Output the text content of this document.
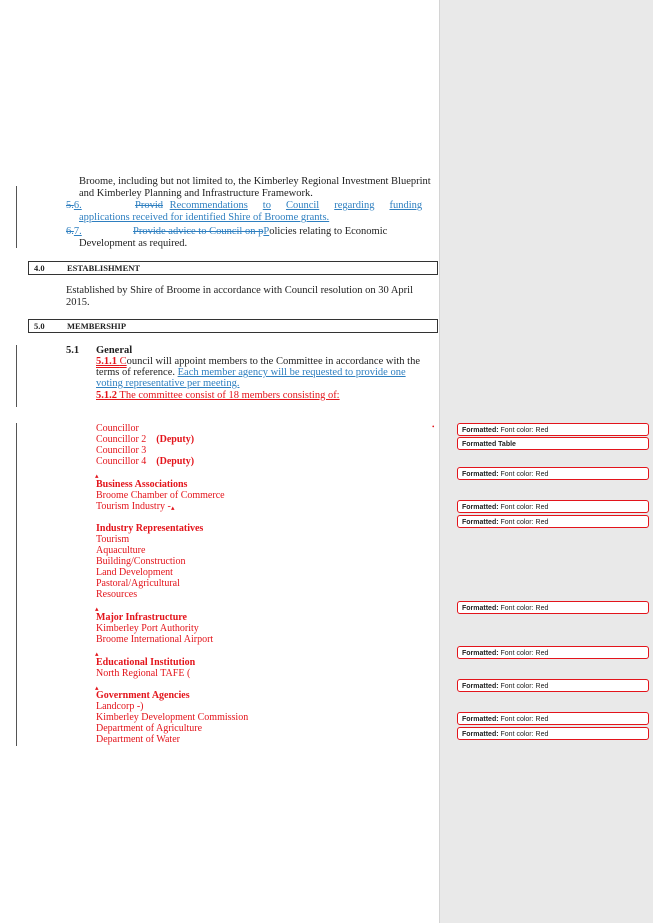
Broome, including but not limited to, the Kimberley Regional Investment Blueprint
and Kimberley Planning and Infrastructure Framework.
5.6.	Provid Recommendations to Council regarding funding
applications received for identified Shire of Broome grants.
6.7.	Provide advice to Council on pPolicies relating to Economic
Development as required.
4.0	ESTABLISHMENT
Established by Shire of Broome in accordance with Council resolution on 30 April
2015.
5.0	MEMBERSHIP
5.1 General
5.1.1 Council will appoint members to the Committee in accordance with the
terms of reference. Each member agency will be requested to provide one
voting representative per meeting.
5.1.2 The committee consist of 18 members consisting of:
Councillor
Councillor 2 (Deputy)
Councillor 3
Councillor 4 (Deputy)
Business Associations
Broome Chamber of Commerce
Tourism Industry -
Industry Representatives
Tourism
Aquaculture
Building/Construction
Land Development
Pastoral/Agricultural
Resources
Major Infrastructure
Kimberley Port Authority
Broome International Airport
Educational Institution
North Regional TAFE (
Government Agencies
Landcorp -)
Kimberley Development Commission
Department of Agriculture
Department of Water
•
▴
▴
▴
▴
▴
Formatted: Font color: Red
Formatted Table
Formatted: Font color: Red
Formatted: Font color: Red
Formatted: Font color: Red
Formatted: Font color: Red
Formatted: Font color: Red
Formatted: Font color: Red
Formatted: Font color: Red
Formatted: Font color: Red
